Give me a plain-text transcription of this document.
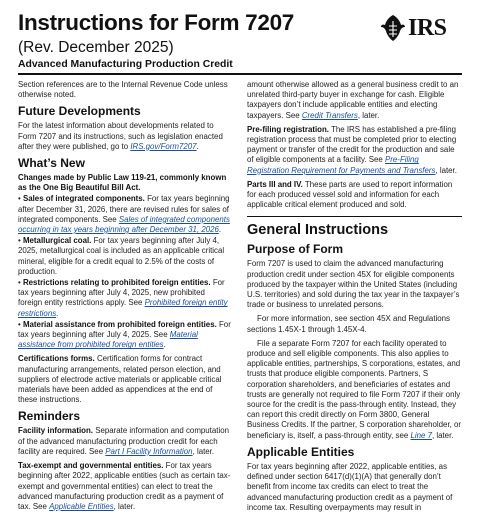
Instructions for Form 7207
(Rev. December 2025)
Advanced Manufacturing Production Credit
IRS

Section references are to the Internal Revenue Code unless otherwise noted.

Future Developments

For the latest information about developments related to Form 7207 and its instructions, such as legislation enacted after they were published, go to IRS.gov/Form7207.

What’s New

Changes made by Public Law 119-21, commonly known as the One Big Beautiful Bill Act.

• Sales of integrated components. For tax years beginning after December 31, 2026, there are revised rules for sales of integrated components. See Sales of integrated components occurring in tax years beginning after December 31, 2026.
• Metallurgical coal. For tax years beginning after July 4, 2025, metallurgical coal is included as an applicable critical mineral, eligible for a credit equal to 2.5% of the costs of production.
• Restrictions relating to prohibited foreign entities. For tax years beginning after July 4, 2025, new prohibited foreign entity restrictions apply. See Prohibited foreign entity restrictions.
• Material assistance from prohibited foreign entities. For tax years beginning after July 4, 2025. See Material assistance from prohibited foreign entities.

Certifications forms. Certification forms for contract manufacturing arrangements, related person election, and suppliers of electrode active materials or applicable critical materials have been added as appendices at the end of these instructions.

Reminders

Facility information. Separate information and computation of the advanced manufacturing production credit for each facility are required. See Part I Facility Information, later.

Tax-exempt and governmental entities. For tax years beginning after 2022, applicable entities (such as certain tax-exempt and governmental entities) can elect to treat the advanced manufacturing production credit as a payment of tax. See Applicable Entities, later.

amount otherwise allowed as a general business credit to an unrelated third-party buyer in exchange for cash. Eligible taxpayers don’t include applicable entities and electing taxpayers. See Credit Transfers, later.

Pre-filing registration. The IRS has established a pre-filing registration process that must be completed prior to electing payment or transfer of the credit for the production and sale of eligible components at a facility. See Pre-Filing Registration Requirement for Payments and Transfers, later.

Parts III and IV. These parts are used to report information for each produced vessel sold and information for each applicable critical element produced and sold.

General Instructions
Purpose of Form

Form 7207 is used to claim the advanced manufacturing production credit under section 45X for eligible components produced by the taxpayer within the United States (including U.S. territories) and sold during the tax year in the taxpayer’s trade or business to unrelated persons.

For more information, see section 45X and Regulations sections 1.45X-1 through 1.45X-4.

File a separate Form 7207 for each facility operated to produce and sell eligible components. This also applies to applicable entities, partnerships, S corporations, estates, and trusts that produce eligible components. Partners, S corporation shareholders, and beneficiaries of estates and trusts are generally not required to file Form 7207 if their only source for the credit is the pass-through entity. Instead, they can report this credit directly on Form 3800, General Business Credits. If the partner, S corporation shareholder, or beneficiary is, itself, a pass-through entity, see Line 7, later.

Applicable Entities

For tax years beginning after 2022, applicable entities, as defined under section 6417(d)(1)(A) that generally don’t benefit from income tax credits can elect to treat the advanced manufacturing production credit as a payment of income tax. Resulting overpayments may result in
